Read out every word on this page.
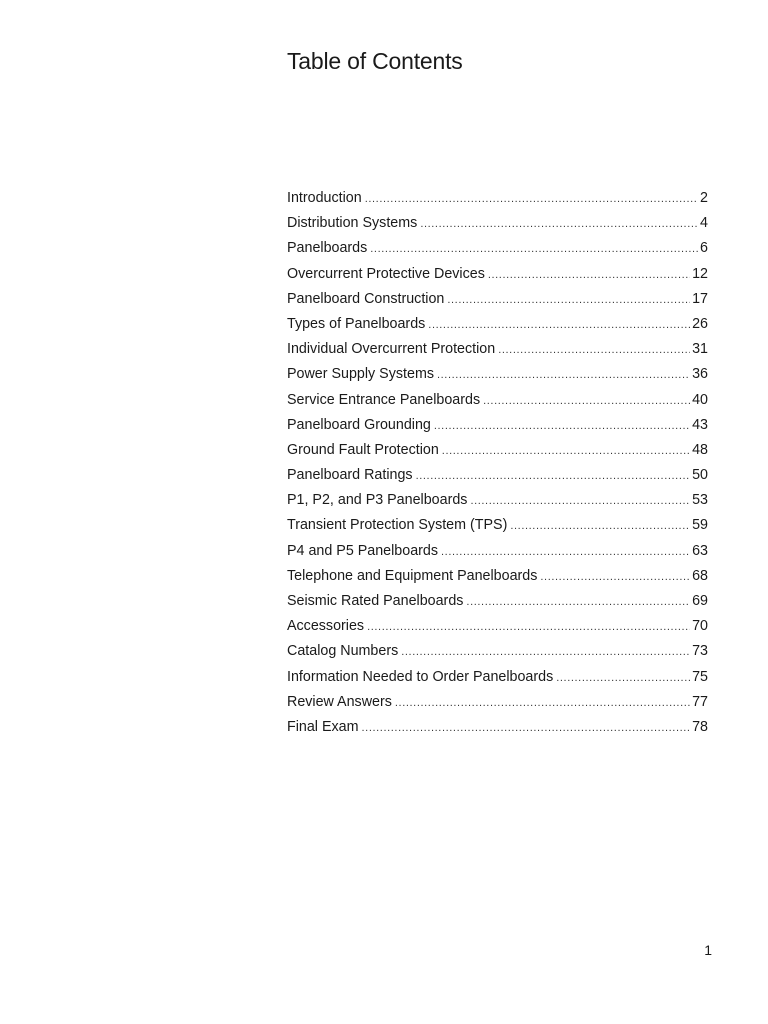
Table of Contents
Introduction .....	2
Distribution Systems .....	4
Panelboards .....	6
Overcurrent Protective Devices .....	12
Panelboard Construction .....	17
Types of Panelboards .....	26
Individual Overcurrent Protection .....	31
Power Supply Systems .....	36
Service Entrance Panelboards .....	40
Panelboard Grounding .....	43
Ground Fault Protection .....	48
Panelboard Ratings .....	50
P1, P2, and P3 Panelboards .....	53
Transient Protection System (TPS) .....	59
P4 and P5 Panelboards .....	63
Telephone and Equipment Panelboards .....	68
Seismic Rated Panelboards .....	69
Accessories .....	70
Catalog Numbers .....	73
Information Needed to Order Panelboards .....	75
Review Answers .....	77
Final Exam .....	78
1
